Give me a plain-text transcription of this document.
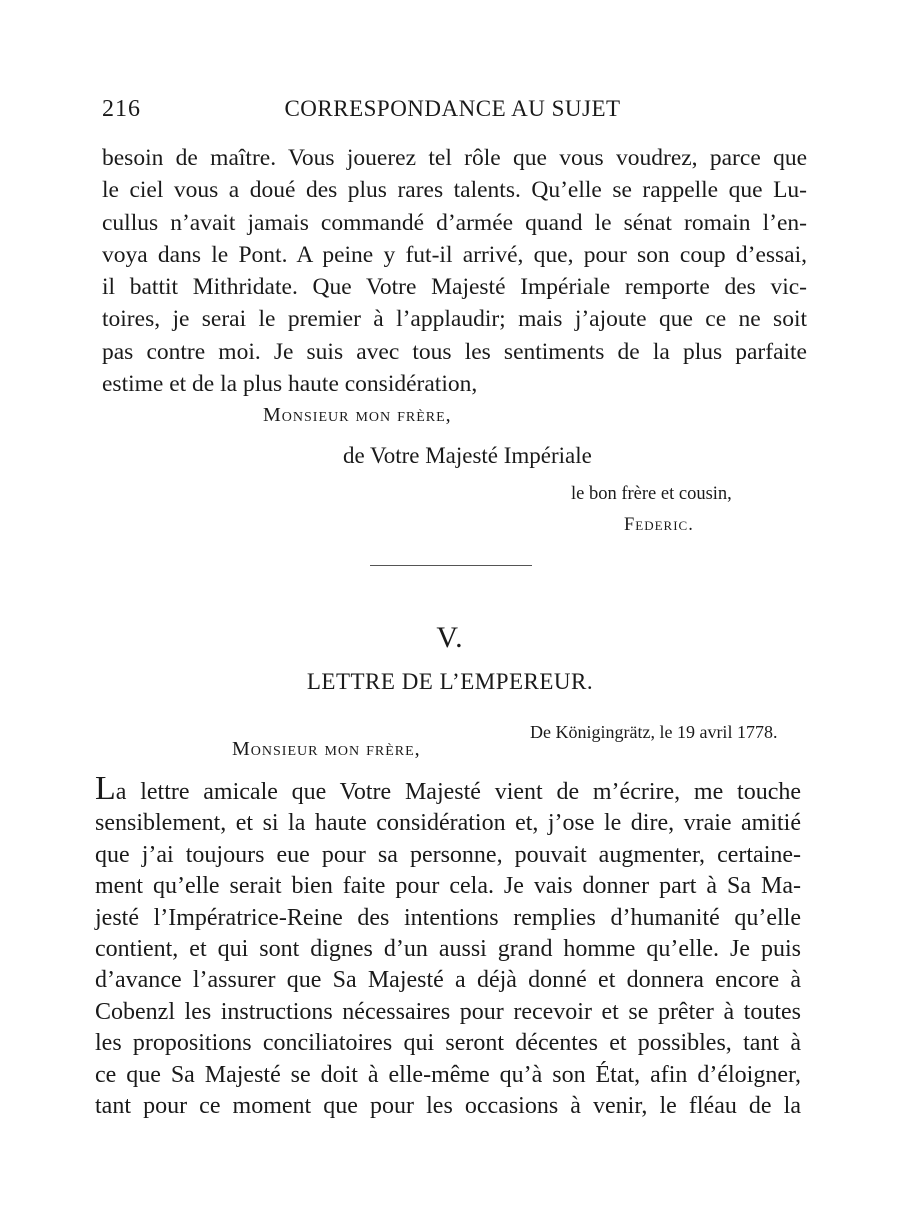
216	CORRESPONDANCE AU SUJET
besoin de maître. Vous jouerez tel rôle que vous voudrez, parce que
le ciel vous a doué des plus rares talents. Qu’elle se rappelle que Lu-
cullus n’avait jamais commandé d’armée quand le sénat romain l’en-
voya dans le Pont. A peine y fut-il arrivé, que, pour son coup d’essai,
il battit Mithridate. Que Votre Majesté Impériale remporte des vic-
toires, je serai le premier à l’applaudir; mais j’ajoute que ce ne soit
pas contre moi. Je suis avec tous les sentiments de la plus parfaite
estime et de la plus haute considération,
Monsieur mon frère,
de Votre Majesté Impériale
le bon frère et cousin,
Federic.
V.
LETTRE DE L’EMPEREUR.
De Königingrätz, le 19 avril 1778.
Monsieur mon frère,
La lettre amicale que Votre Majesté vient de m’écrire, me touche
sensiblement, et si la haute considération et, j’ose le dire, vraie amitié
que j’ai toujours eue pour sa personne, pouvait augmenter, certaine-
ment qu’elle serait bien faite pour cela. Je vais donner part à Sa Ma-
jesté l’Impératrice-Reine des intentions remplies d’humanité qu’elle
contient, et qui sont dignes d’un aussi grand homme qu’elle. Je puis
d’avance l’assurer que Sa Majesté a déjà donné et donnera encore à
Cobenzl les instructions nécessaires pour recevoir et se prêter à toutes
les propositions conciliatoires qui seront décentes et possibles, tant à
ce que Sa Majesté se doit à elle-même qu’à son État, afin d’éloigner,
tant pour ce moment que pour les occasions à venir, le fléau de la
